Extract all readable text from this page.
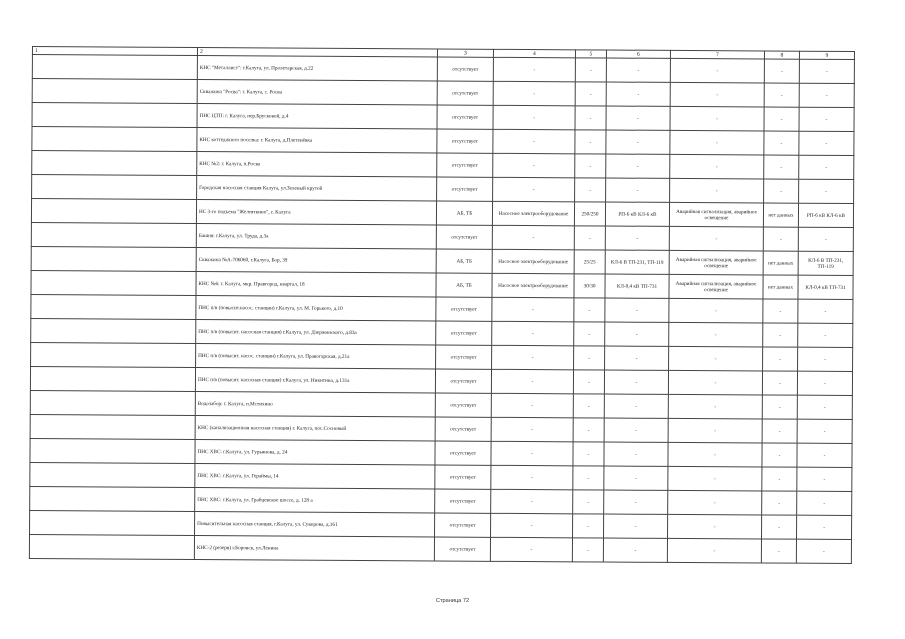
1	2	3	4	5	6	7	8	9
	КНС "Металлист": г.Калуга, ул. Пролетарская, д.22	отсутствует	-	-	-	-	-	-
	Скважина "Росва": г. Калуга, с. Росва	отсутствует	-	-	-	-	-	-
	ПНС ЦТП: г. Калуга, пер.Брусковой, д.4	отсутствует	-	-	-	-	-	-
	КНС коттеджного поселка: г. Калуга, д.Плетенёвка	отсутствует	-	-	-	-	-	-
	КНС №2: г. Калуга, п.Росва	отсутствует	-	-	-	-	-	-
	Городская насосная станция Калуга, ул.Зеленый крутой	отсутствует	-	-	-	-	-	-
	НС 3-го подъема "Желтяткино", г. Калуга	АБ, ТБ	Насосное электрооборудование	250/250	РП-6 кВ КЛ-6 кВ	Аварийная сигнализация, аварийное освещение	нет данных	РП-6 кВ КЛ-6 кВ
	Башня: г.Калуга, ул. Труда, д.3а	отсутствует	-	-	-	-	-	-
	Скважина №А-706060, г.Калуга, Бор, 39	АБ, ТБ	Насосное электрооборудование	25/25	КЛ-6 В ТП-231, ТП-119	Аварийная сигнализация, аварийное освещение	нет данных	КЛ-6 В ТП-231, ТП-119
	КНС №6: г. Калуга, мкр. Правгород, квартал, 18	АБ, ТБ	Насосное электрооборудование	30/30	КЛ-0,4 кВ ТП-731	Аварийная сигнализация, аварийное освещение	нет данных	КЛ-0,4 кВ ТП-731
	ПНС п/в (повысит.насос. станции) г.Калуга, ул. М. Горького, д.10	отсутствует	-	-	-	-	-	-
	ПНС п/в (повысит. насосная станция) г.Калуга, ул. Дзержинского, д.83а	отсутствует	-	-	-	-	-	-
	ПНС п/в (повысит. насос. станции) г.Калуга, ул. Правогарская, д.21а	отсутствует	-	-	-	-	-	-
	ПНС п/в (повысит. насосная станция) г.Калуга, ул. Никитина, д.131а	отсутствует	-	-	-	-	-	-
	Водозабор: г. Калуга, п.Мстихино	отсутствует	-	-	-	-	-	-
	КНС (канализационная насосная станция) г. Калуга, пос.Сосновый	отсутствует	-	-	-	-	-	-
	ПНС ХВС: г.Калуга, ул. Гурьянова, д. 24	отсутствует	-	-	-	-	-	-
	ПНС ХВС: г.Калуга, ул. Гераймы, 14	отсутствует	-	-	-	-	-	-
	ПНС ХВС: г.Калуга, ул. Грабцевское шоссе, д. 128 а	отсутствует	-	-	-	-	-	-
	Повысительная насосная станция, г.Калуга, ул. Суворова, д.161	отсутствует	-	-	-	-	-	-
	КНС-2 (резерв) г.Боровск, ул.Ленина	отсутствует	-	-	-	-	-	-
Страница 72
